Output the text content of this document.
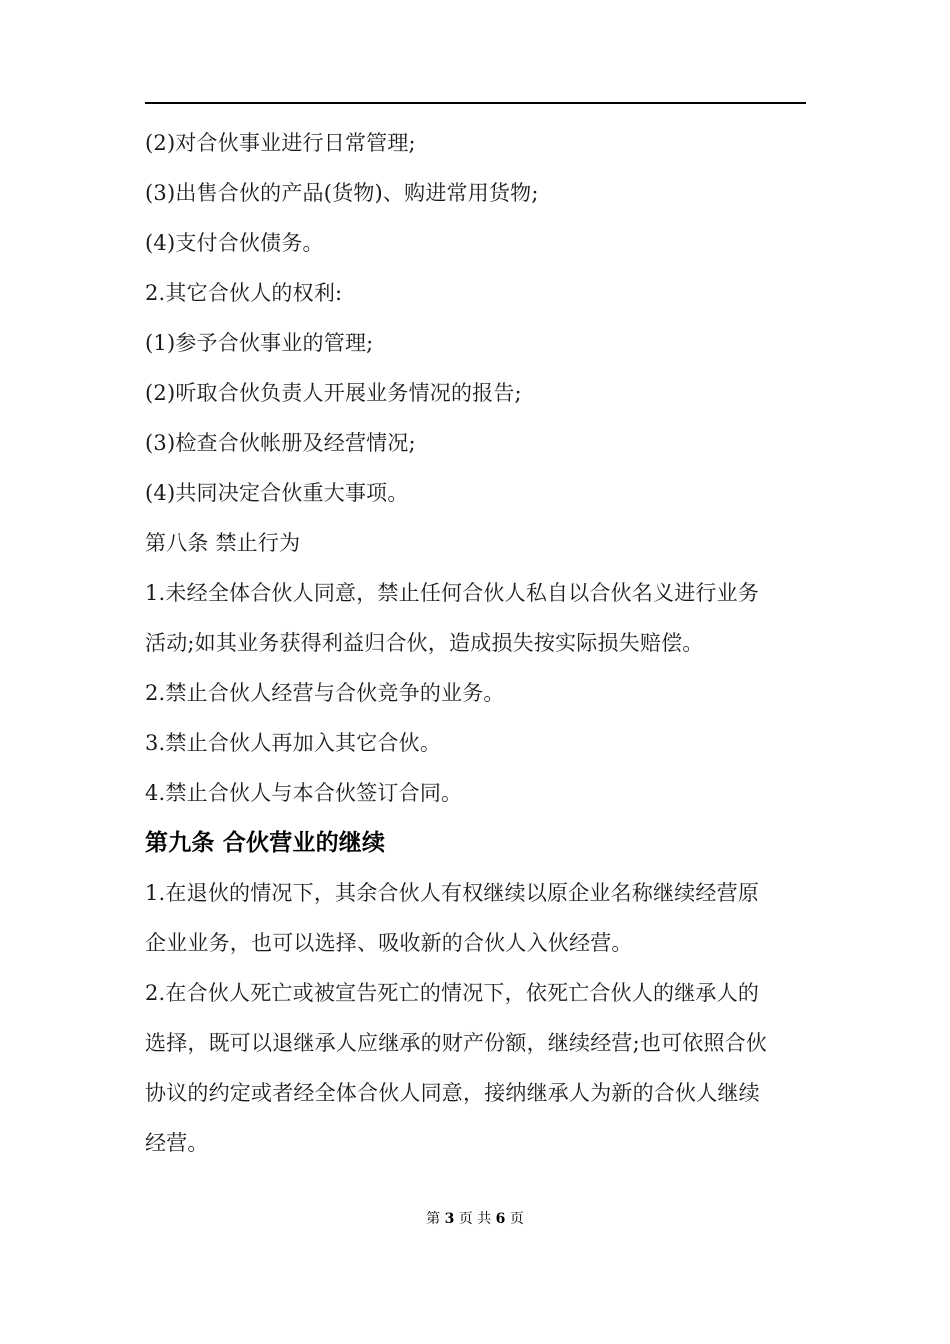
(2)对合伙事业进行日常管理;
(3)出售合伙的产品(货物)、购进常用货物;
(4)支付合伙债务。
2.其它合伙人的权利:
(1)参予合伙事业的管理;
(2)听取合伙负责人开展业务情况的报告;
(3)检查合伙帐册及经营情况;
(4)共同决定合伙重大事项。
第八条 禁止行为
1.未经全体合伙人同意，禁止任何合伙人私自以合伙名义进行业务
活动;如其业务获得利益归合伙，造成损失按实际损失赔偿。
2.禁止合伙人经营与合伙竞争的业务。
3.禁止合伙人再加入其它合伙。
4.禁止合伙人与本合伙签订合同。
第九条 合伙营业的继续
1.在退伙的情况下，其余合伙人有权继续以原企业名称继续经营原
企业业务，也可以选择、吸收新的合伙人入伙经营。
2.在合伙人死亡或被宣告死亡的情况下，依死亡合伙人的继承人的
选择，既可以退继承人应继承的财产份额，继续经营;也可依照合伙
协议的约定或者经全体合伙人同意，接纳继承人为新的合伙人继续
经营。
第 3 页 共 6 页
